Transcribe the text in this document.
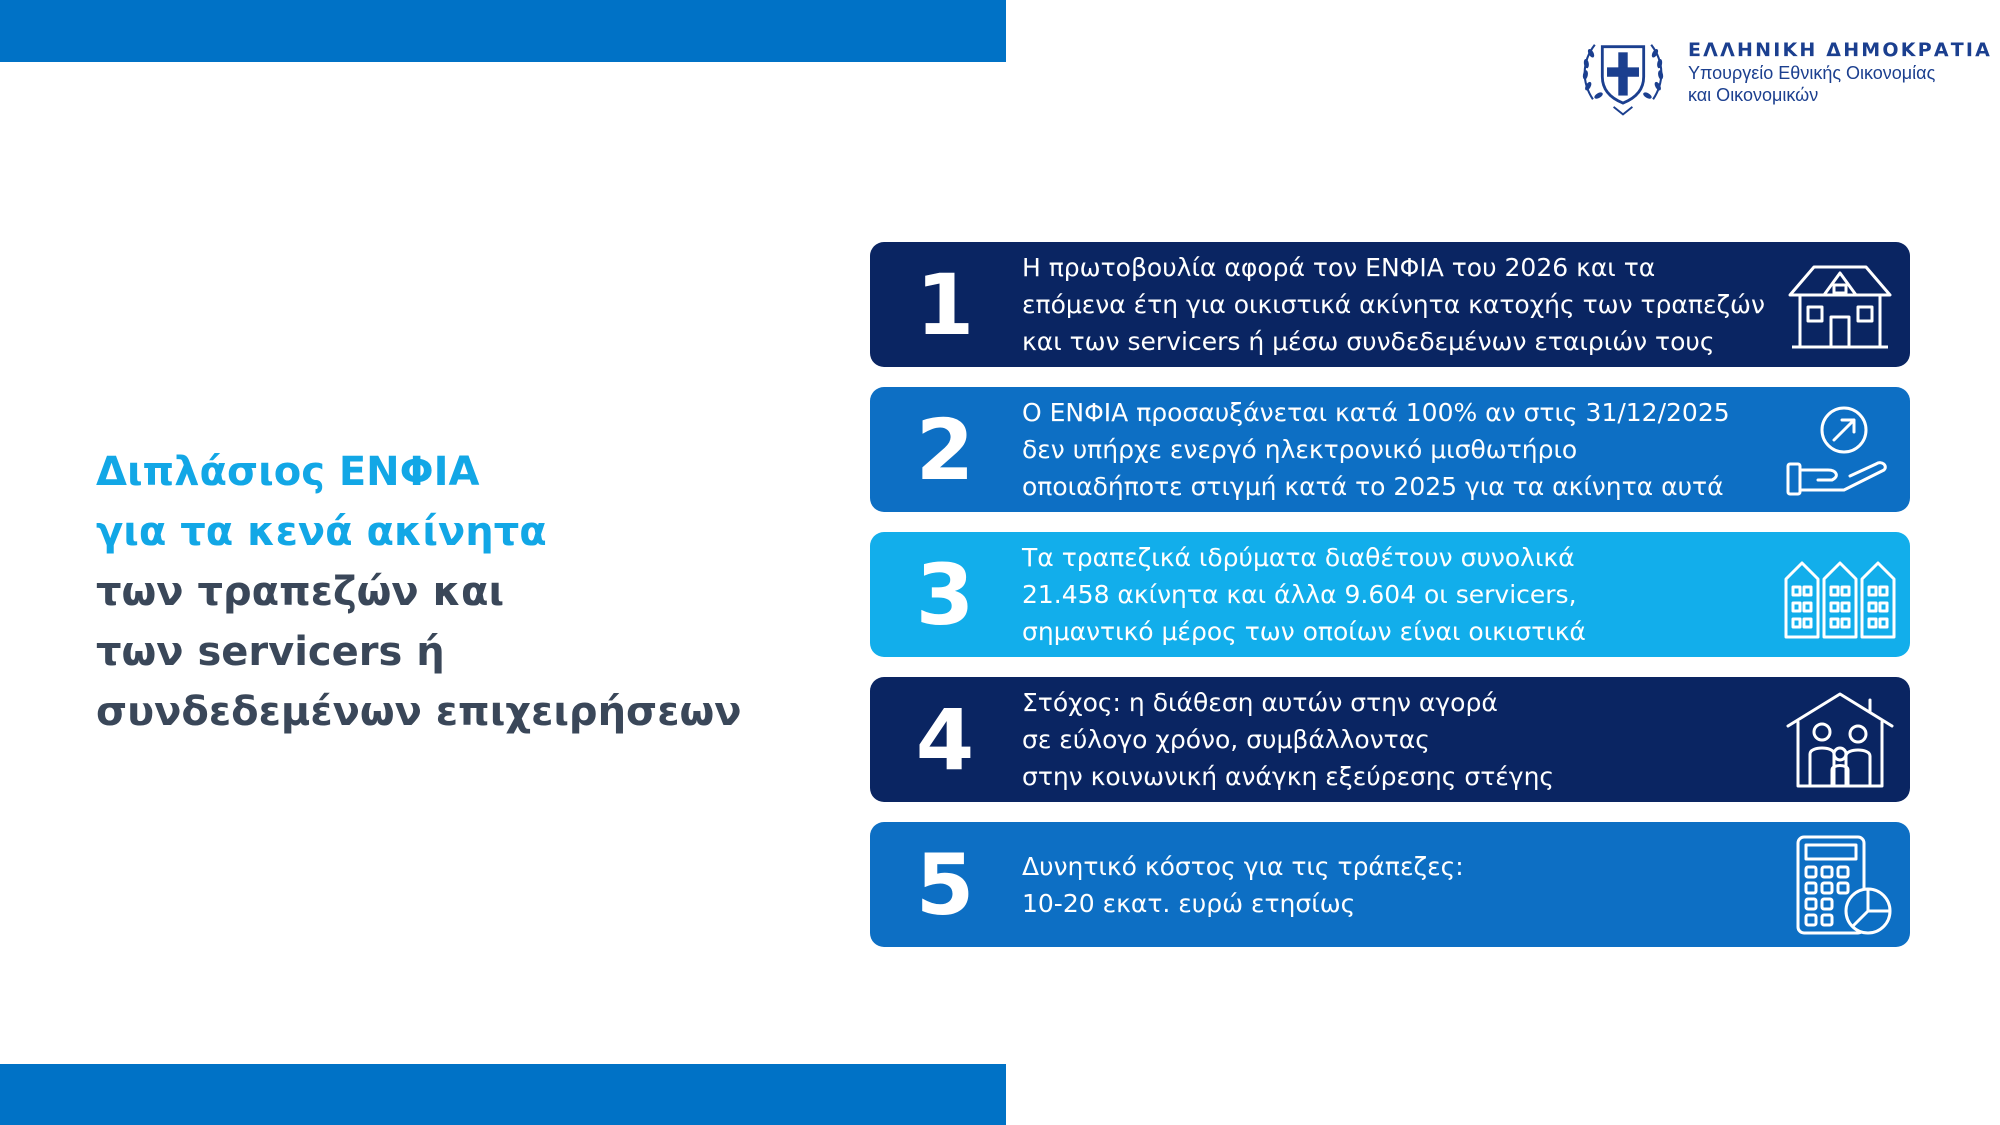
ΕΛΛΗΝΙΚΗ ΔΗΜΟΚΡΑΤΙΑ
Υπουργείο Εθνικής Οικονομίας
και Οικονομικών
Διπλάσιος ΕΝΦΙΑ
για τα κενά ακίνητα
των τραπεζών και
των servicers ή
συνδεδεμένων επιχειρήσεων
1	Η πρωτοβουλία αφορά τον ΕΝΦΙΑ του 2026 και τα
επόμενα έτη για οικιστικά ακίνητα κατοχής των τραπεζών
και των servicers ή μέσω συνδεδεμένων εταιριών τους
2	Ο ΕΝΦΙΑ προσαυξάνεται κατά 100% αν στις 31/12/2025
δεν υπήρχε ενεργό ηλεκτρονικό μισθωτήριο
οποιαδήποτε στιγμή κατά το 2025 για τα ακίνητα αυτά
3	Τα τραπεζικά ιδρύματα διαθέτουν συνολικά
21.458 ακίνητα και άλλα 9.604 οι servicers,
σημαντικό μέρος των οποίων είναι οικιστικά
4	Στόχος: η διάθεση αυτών στην αγορά
σε εύλογο χρόνο, συμβάλλοντας
στην κοινωνική ανάγκη εξεύρεσης στέγης
5	Δυνητικό κόστος για τις τράπεζες:
10-20 εκατ. ευρώ ετησίως
